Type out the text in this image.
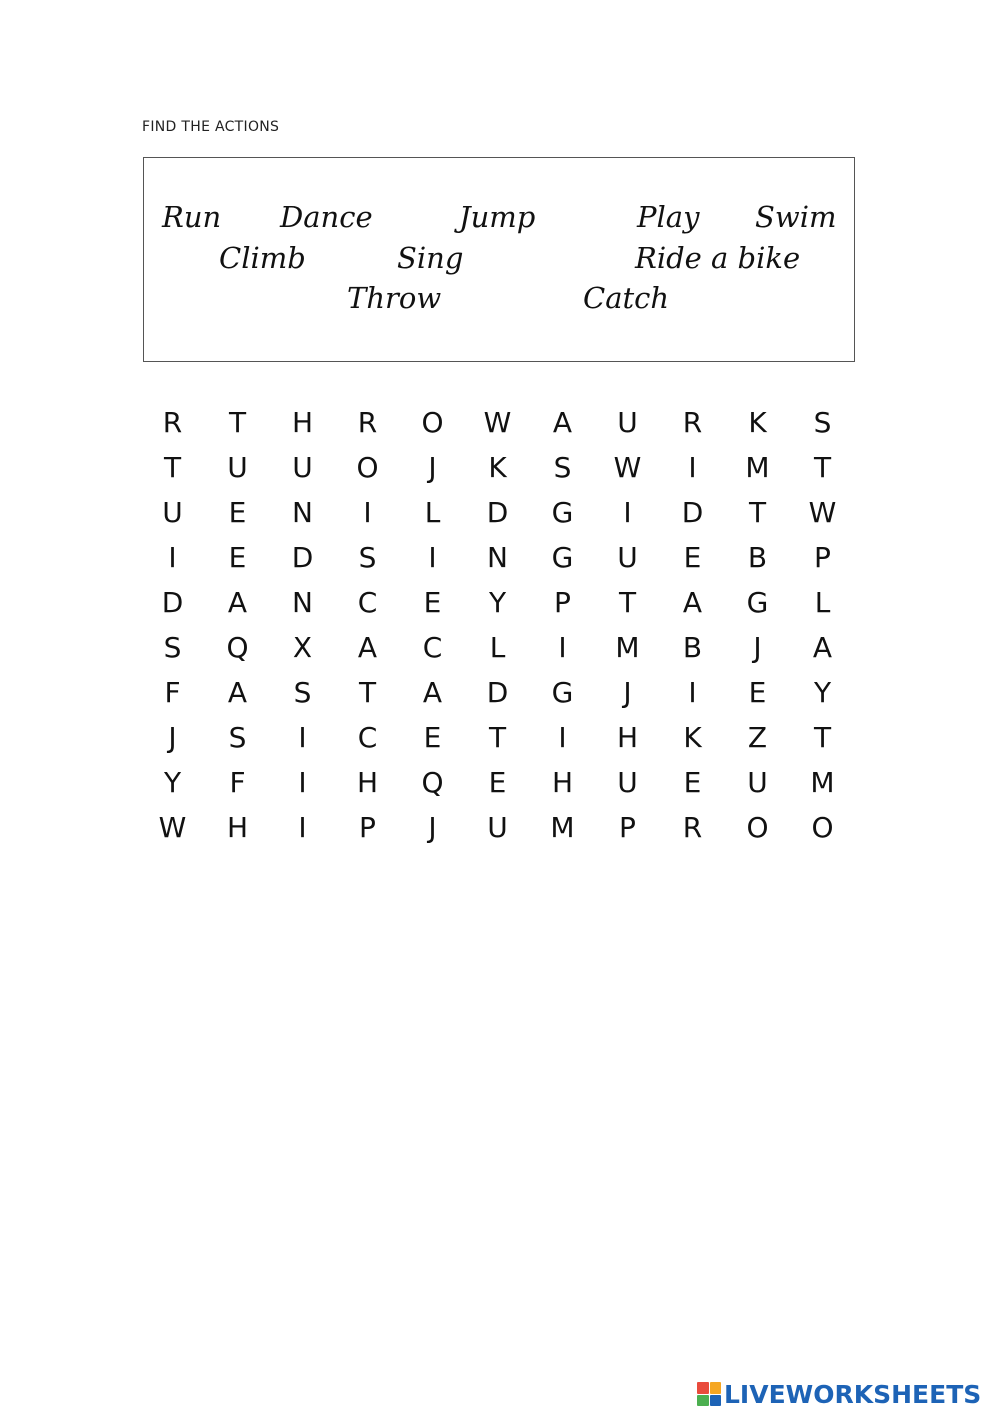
FIND THE ACTIONS
Run Dance	Jump	Play Swim
Climb	Sing	Ride a bike
Throw	Catch
R	T	H	R	O	W	A	U	R	K	S
T	U	U	O	J	K	S	W	I	M	T
U	E	N	I	L	D	G	I	D	T	W
I	E	D	S	I	N	G	U	E	B	P
D	A	N	C	E	Y	P	T	A	G	L
S	Q	X	A	C	L	I	M	B	J	A
F	A	S	T	A	D	G	J	I	E	Y
J	S	I	C	E	T	I	H	K	Z	T
Y	F	I	H	Q	E	H	U	E	U	M
W	H	I	P	J	U	M	P	R	O	O
LIVEWORKSHEETS
